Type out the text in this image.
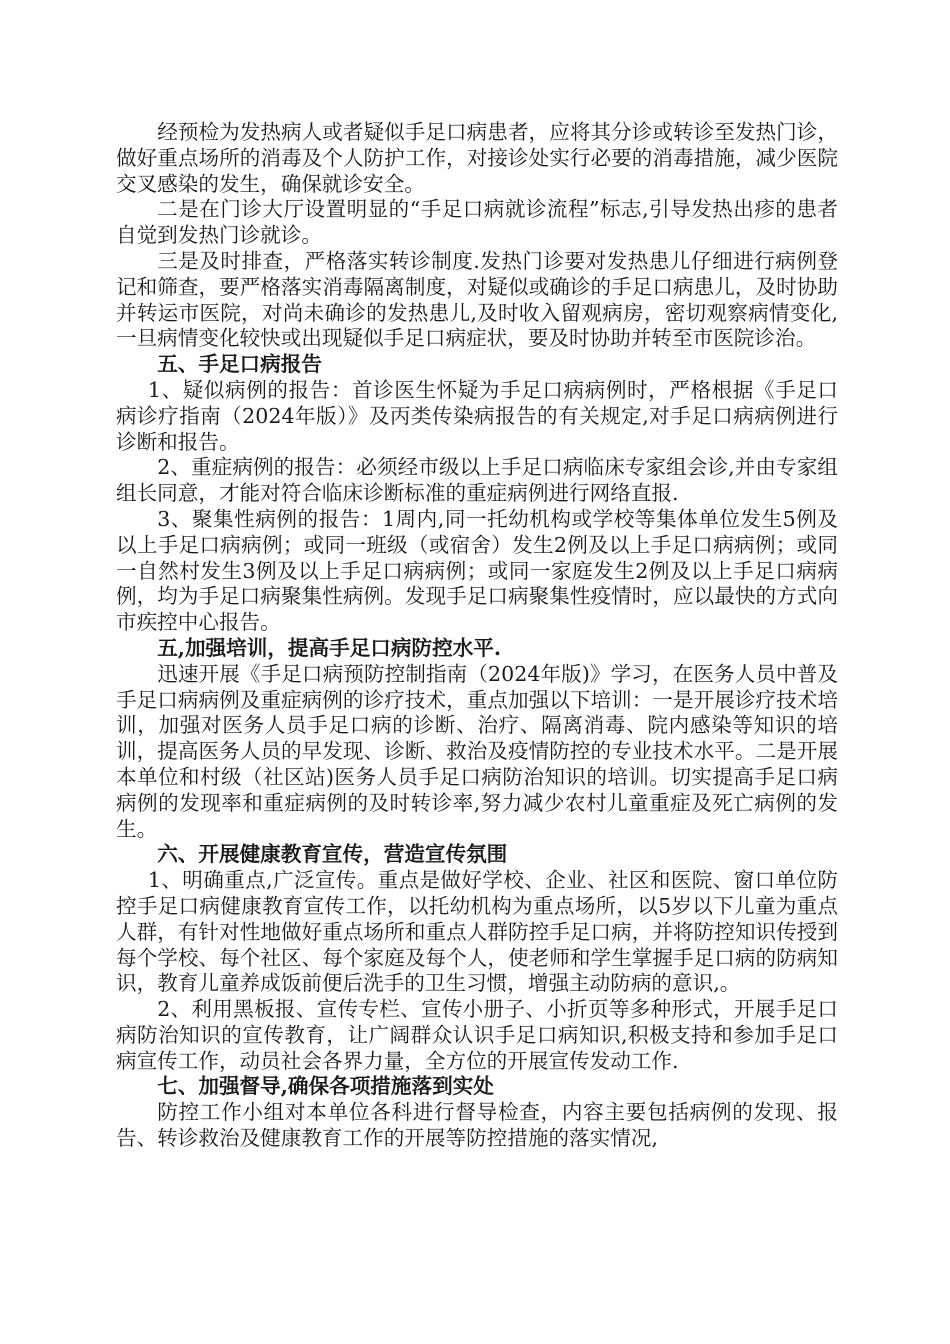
经预检为发热病人或者疑似手足口病患者，应将其分诊或转诊至发热门诊，做好重点场所的消毒及个人防护工作，对接诊处实行必要的消毒措施，减少医院交叉感染的发生，确保就诊安全。

二是在门诊大厅设置明显的“手足口病就诊流程”标志,引导发热出疹的患者自觉到发热门诊就诊。

三是及时排查，严格落实转诊制度.发热门诊要对发热患儿仔细进行病例登记和筛查，要严格落实消毒隔离制度，对疑似或确诊的手足口病患儿，及时协助并转运市医院，对尚未确诊的发热患儿,及时收入留观病房，密切观察病情变化,一旦病情变化较快或出现疑似手足口病症状，要及时协助并转至市医院诊治。

五、手足口病报告

1、疑似病例的报告：首诊医生怀疑为手足口病病例时，严格根据《手足口病诊疗指南（2024年版）》及丙类传染病报告的有关规定,对手足口病病例进行诊断和报告。

2、重症病例的报告：必须经市级以上手足口病临床专家组会诊,并由专家组组长同意，才能对符合临床诊断标准的重症病例进行网络直报.

3、聚集性病例的报告：1周内,同一托幼机构或学校等集体单位发生5例及以上手足口病病例；或同一班级（或宿舍）发生2例及以上手足口病病例；或同一自然村发生3例及以上手足口病病例；或同一家庭发生2例及以上手足口病病例，均为手足口病聚集性病例。发现手足口病聚集性疫情时，应以最快的方式向市疾控中心报告。

五,加强培训，提高手足口病防控水平.

迅速开展《手足口病预防控制指南（2024年版)》学习，在医务人员中普及手足口病病例及重症病例的诊疗技术，重点加强以下培训：一是开展诊疗技术培训，加强对医务人员手足口病的诊断、治疗、隔离消毒、院内感染等知识的培训，提高医务人员的早发现、诊断、救治及疫情防控的专业技术水平。二是开展本单位和村级（社区站)医务人员手足口病防治知识的培训。切实提高手足口病病例的发现率和重症病例的及时转诊率,努力减少农村儿童重症及死亡病例的发生。

六、开展健康教育宣传，营造宣传氛围

1、明确重点,广泛宣传。重点是做好学校、企业、社区和医院、窗口单位防控手足口病健康教育宣传工作，以托幼机构为重点场所，以5岁以下儿童为重点人群，有针对性地做好重点场所和重点人群防控手足口病，并将防控知识传授到每个学校、每个社区、每个家庭及每个人，使老师和学生掌握手足口病的防病知识，教育儿童养成饭前便后洗手的卫生习惯，增强主动防病的意识,。

2、利用黑板报、宣传专栏、宣传小册子、小折页等多种形式，开展手足口病防治知识的宣传教育，让广阔群众认识手足口病知识,积极支持和参加手足口病宣传工作，动员社会各界力量，全方位的开展宣传发动工作.

七、加强督导,确保各项措施落到实处

防控工作小组对本单位各科进行督导检查，内容主要包括病例的发现、报告、转诊救治及健康教育工作的开展等防控措施的落实情况,
